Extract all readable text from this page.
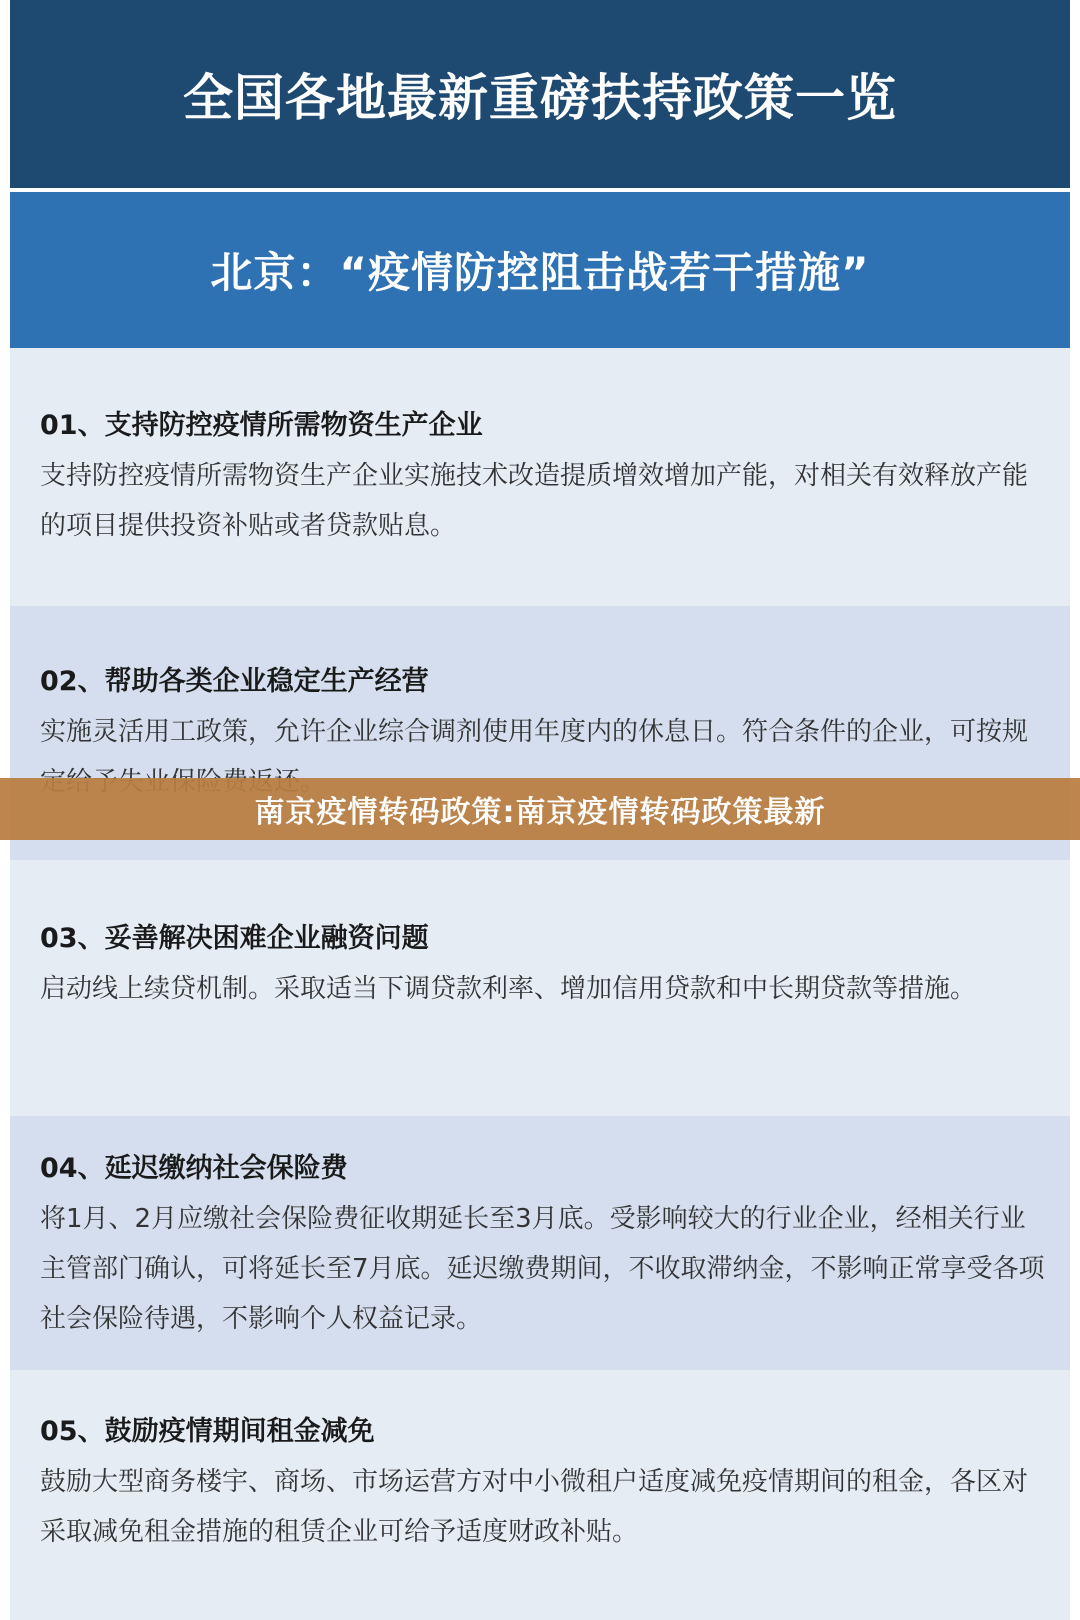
全国各地最新重磅扶持政策一览
北京：“疫情防控阻击战若干措施”

01、支持防控疫情所需物资生产企业

支持防控疫情所需物资生产企业实施技术改造提质增效增加产能，对相关有效释放产能的项目提供投资补贴或者贷款贴息。

02、帮助各类企业稳定生产经营

实施灵活用工政策，允许企业综合调剂使用年度内的休息日。符合条件的企业，可按规

03、妥善解决困难企业融资问题

启动线上续贷机制。采取适当下调贷款利率、增加信用贷款和中长期贷款等措施。

04、延迟缴纳社会保险费

将1月、2月应缴社会保险费征收期延长至3月底。受影响较大的行业企业，经相关行业主管部门确认，可将延长至7月底。延迟缴费期间，不收取滞纳金，不影响正常享受各项社会保险待遇，不影响个人权益记录。

05、鼓励疫情期间租金减免

鼓励大型商务楼宇、商场、市场运营方对中小微租户适度减免疫情期间的租金，各区对采取减免租金措施的租赁企业可给予适度财政补贴。

南京疫情转码政策:南京疫情转码政策最新
